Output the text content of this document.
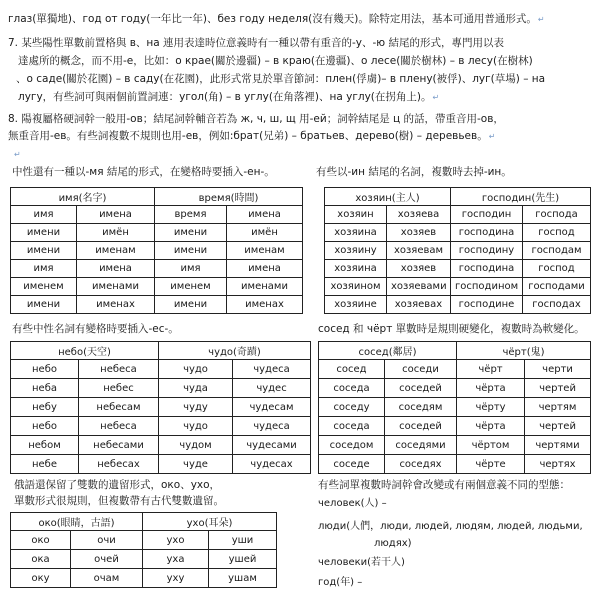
глаз(單獨地)、год от году(一年比一年)、без году неделя(沒有幾天)。除特定用法，基本可通用普通形式。↵
7. 某些陽性單數前置格與 в、на 連用表達時位意義時有一種以帶有重音的-у、-ю 結尾的形式，專門用以表
達處所的概念，而不用-е，比如：о крае(關於邊疆) – в краю(在邊疆)、о лесе(關於樹林) – в лесу(在樹林)
、о саде(關於花園) – в саду(在花園)，此形式常見於單音節詞：плен(俘虜)– в плену(被俘)、луг(草場) – на
лугу，有些詞可與兩個前置詞連：угол(角) – в углу(在角落裡)、на углу(在拐角上)。↵
8. 陽複屬格硬詞幹一般用-ов；結尾詞幹輔音若為 ж, ч, ш, щ 用-ей；詞幹結尾是 ц 的話，帶重音用-ов，
無重音用-ев。有些詞複數不規則也用-ев，例如:брат(兄弟) – братьев、дерево(樹) – деревьев。↵
↵
中性還有一種以-мя 結尾的形式，在變格時要插入-ен-。	有些以-ин 結尾的名詞，複數時去掉-ин。
имя(名字)		время(時間)	
имя	имена	время	имена
имени	имён	имени	имён
имени	именам	имени	именам
имя	имена	имя	имена
именем	именами	именем	именами
имени	именах	имени	именах
хозяин(主人)		господин(先生)	
хозяин	хозяева	господин	господа
хозяина	хозяев	господина	господ
хозяину	хозяевам	господину	господам
хозяина	хозяев	господина	господ
хозяином	хозяевами	господином	господами
хозяине	хозяевах	господине	господах
有些中性名詞有變格時要插入-ес-。	сосед 和 чёрт 單數時是規則硬變化，複數時為軟變化。
небо(天空)		чудо(奇蹟)	
небо	небеса	чудо	чудеса
неба	небес	чуда	чудес
небу	небесам	чуду	чудесам
небо	небеса	чудо	чудеса
небом	небесами	чудом	чудесами
небе	небесах	чуде	чудесах
сосед(鄰居)		чёрт(鬼)	
сосед	соседи	чёрт	черти
соседа	соседей	чёрта	чертей
соседу	соседям	чёрту	чертям
соседа	соседей	чёрта	чертей
соседом	соседями	чёртом	чертями
соседе	соседях	чёрте	чертях
俄語還保留了雙數的遺留形式，око、ухо，
單數形式很規則，但複數帶有古代雙數遺留。
有些詞單複數時詞幹會改變或有兩個意義不同的型態：
око(眼睛，古語)		ухо(耳朵)	
око	очи	ухо	уши
ока	очей	уха	ушей
оку	очам	уху	ушам
человек(人) –
люди(人們，люди, людей, людям, людей, людьми,
людях)
человеки(若干人)
год(年) –
